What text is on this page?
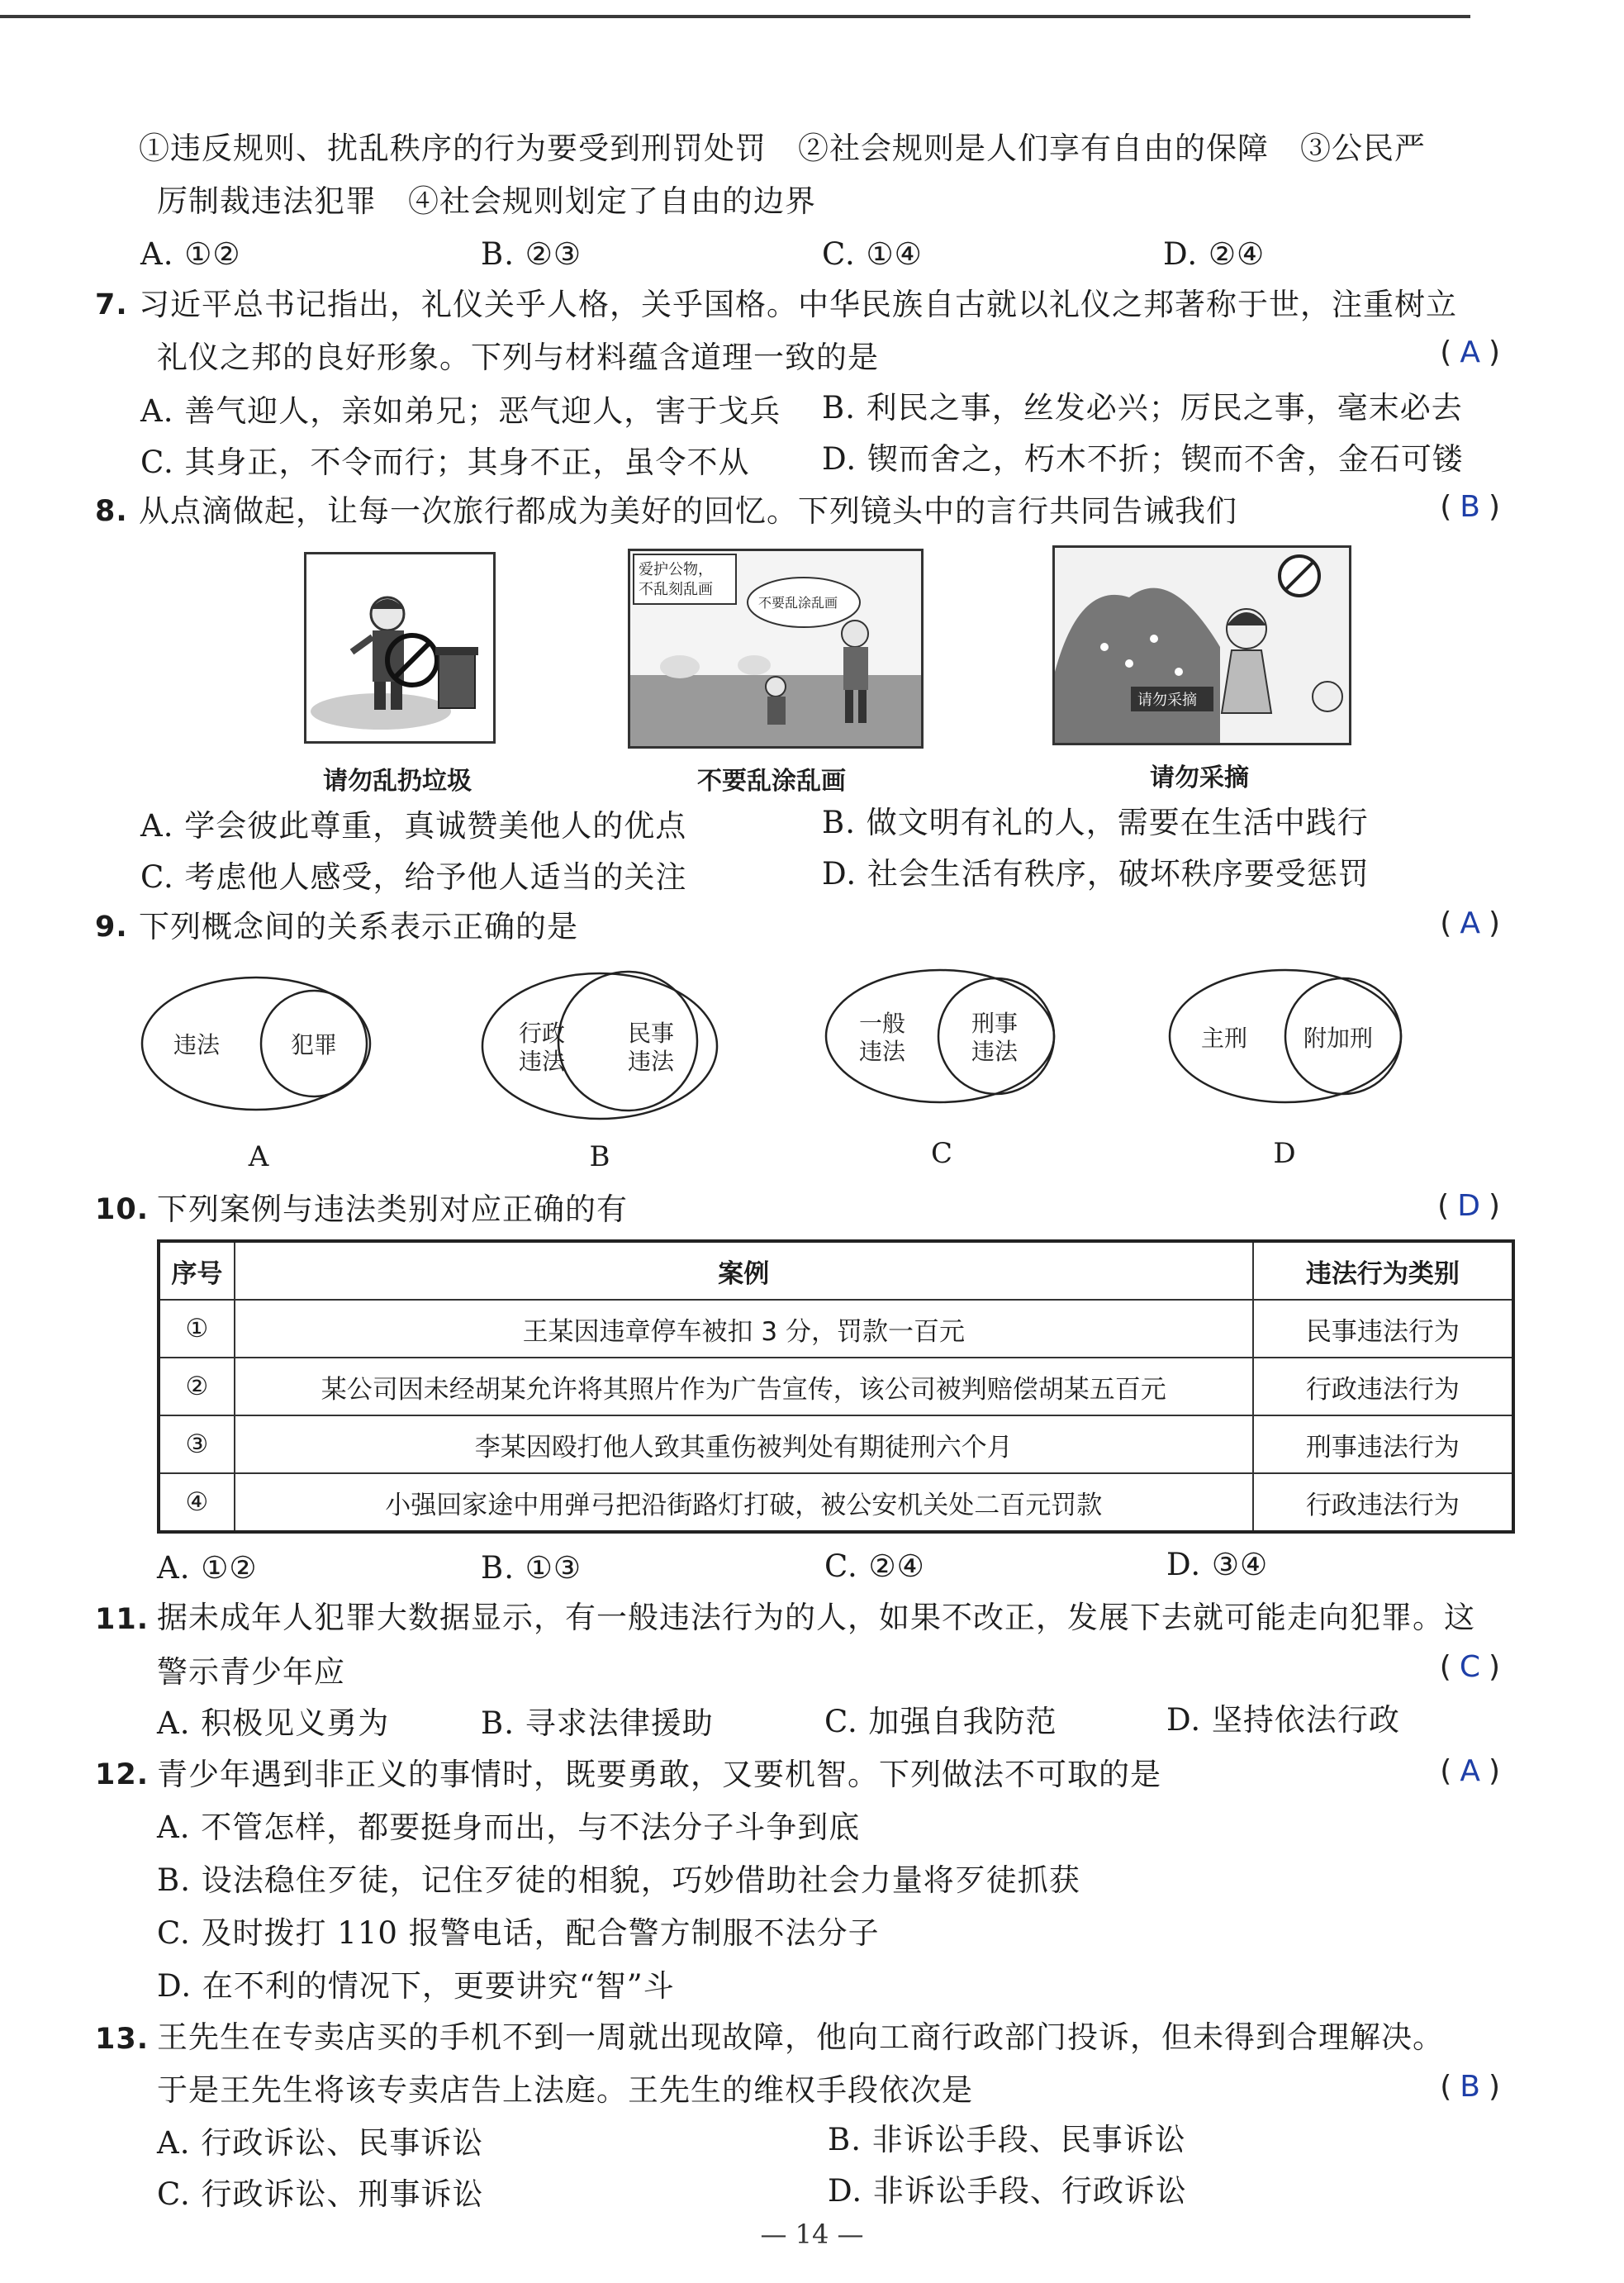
①违反规则、扰乱秩序的行为要受到刑罚处罚　②社会规则是人们享有自由的保障　③公民严
厉制裁违法犯罪　④社会规则划定了自由的边界
A. ①②	B. ②③	C. ①④	D. ②④
7. 习近平总书记指出，礼仪关乎人格，关乎国格。中华民族自古就以礼仪之邦著称于世，注重树立
礼仪之邦的良好形象。下列与材料蕴含道理一致的是	( A )
A. 善气迎人，亲如弟兄；恶气迎人，害于戈兵 B. 利民之事，丝发必兴；厉民之事，毫末必去
C. 其身正，不令而行；其身不正，虽令不从 D. 锲而舍之，朽木不折；锲而不舍，金石可镂
8. 从点滴做起，让每一次旅行都成为美好的回忆。下列镜头中的言行共同告诫我们	( B )
请勿乱扔垃圾
爱护公物，
不乱刻乱画
不要乱涂乱画
不要乱涂乱画
请勿采摘
请勿采摘
A. 学会彼此尊重，真诚赞美他人的优点	B. 做文明有礼的人，需要在生活中践行
C. 考虑他人感受，给予他人适当的关注	D. 社会生活有秩序，破坏秩序要受惩罚
9. 下列概念间的关系表示正确的是	( A )
违法	犯罪
A
行政
违法
民事
违法
B
一般
违法
刑事
违法
C
主刑 附加刑
D
10. 下列案例与违法类别对应正确的有	( D )
序号	案例	违法行为类别
①	王某因违章停车被扣 3 分，罚款一百元	民事违法行为
②	某公司因未经胡某允许将其照片作为广告宣传，该公司被判赔偿胡某五百元	行政违法行为
③	李某因殴打他人致其重伤被判处有期徒刑六个月	刑事违法行为
④	小强回家途中用弹弓把沿街路灯打破，被公安机关处二百元罚款	行政违法行为
A. ①②	B. ①③	C. ②④	D. ③④
11. 据未成年人犯罪大数据显示，有一般违法行为的人，如果不改正，发展下去就可能走向犯罪。这
警示青少年应	( C )
A. 积极见义勇为	B. 寻求法律援助	C. 加强自我防范	D. 坚持依法行政
12. 青少年遇到非正义的事情时，既要勇敢，又要机智。下列做法不可取的是	( A )
A. 不管怎样，都要挺身而出，与不法分子斗争到底
B. 设法稳住歹徒，记住歹徒的相貌，巧妙借助社会力量将歹徒抓获
C. 及时拨打 110 报警电话，配合警方制服不法分子
D. 在不利的情况下，更要讲究“智”斗
13. 王先生在专卖店买的手机不到一周就出现故障，他向工商行政部门投诉，但未得到合理解决。
于是王先生将该专卖店告上法庭。王先生的维权手段依次是	( B )
A. 行政诉讼、民事诉讼	B. 非诉讼手段、民事诉讼
C. 行政诉讼、刑事诉讼	D. 非诉讼手段、行政诉讼
— 14 —
